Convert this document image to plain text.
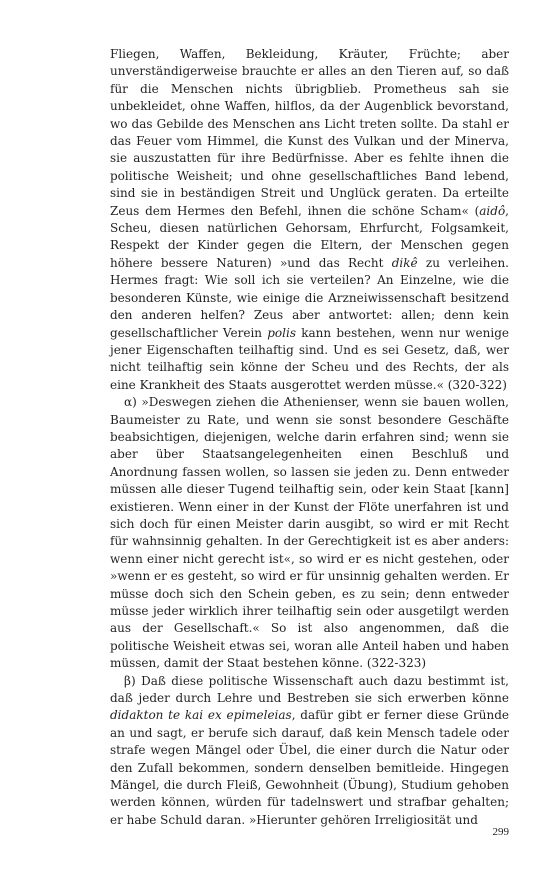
Fliegen, Waffen, Bekleidung, Kräuter, Früchte; aber unverständigerweise brauchte er alles an den Tieren auf, so daß für die Menschen nichts übrigblieb. Prometheus sah sie unbekleidet, ohne Waffen, hilflos, da der Augenblick bevorstand, wo das Gebilde des Menschen ans Licht treten sollte. Da stahl er das Feuer vom Himmel, die Kunst des Vulkan und der Minerva, sie auszustatten für ihre Bedürfnisse. Aber es fehlte ihnen die politische Weisheit; und ohne gesellschaftliches Band lebend, sind sie in beständigen Streit und Unglück geraten. Da erteilte Zeus dem Hermes den Befehl, ihnen die schöne Scham« (aidô, Scheu, diesen natürlichen Gehorsam, Ehrfurcht, Folgsamkeit, Respekt der Kinder gegen die Eltern, der Menschen gegen höhere bessere Naturen) »und das Recht dikê zu verleihen. Hermes fragt: Wie soll ich sie verteilen? An Einzelne, wie die besonderen Künste, wie einige die Arzneiwissenschaft besitzend den anderen helfen? Zeus aber antwortet: allen; denn kein gesellschaftlicher Verein polis kann bestehen, wenn nur wenige jener Eigenschaften teilhaftig sind. Und es sei Gesetz, daß, wer nicht teilhaftig sein könne der Scheu und des Rechts, der als eine Krankheit des Staats ausgerottet werden müsse.« (320-322)

α) »Deswegen ziehen die Athenienser, wenn sie bauen wollen, Baumeister zu Rate, und wenn sie sonst besondere Geschäfte beabsichtigen, diejenigen, welche darin erfahren sind; wenn sie aber über Staatsangelegenheiten einen Beschluß und Anordnung fassen wollen, so lassen sie jeden zu. Denn entweder müssen alle dieser Tugend teilhaftig sein, oder kein Staat [kann] existieren. Wenn einer in der Kunst der Flöte unerfahren ist und sich doch für einen Meister darin ausgibt, so wird er mit Recht für wahnsinnig gehalten. In der Gerechtigkeit ist es aber anders: wenn einer nicht gerecht ist«, so wird er es nicht gestehen, oder »wenn er es gesteht, so wird er für unsinnig gehalten werden. Er müsse doch sich den Schein geben, es zu sein; denn entweder müsse jeder wirklich ihrer teilhaftig sein oder ausgetilgt werden aus der Gesellschaft.« So ist also angenommen, daß die politische Weisheit etwas sei, woran alle Anteil haben und haben müssen, damit der Staat bestehen könne. (322-323)

β) Daß diese politische Wissenschaft auch dazu bestimmt ist, daß jeder durch Lehre und Bestreben sie sich erwerben könne didakton te kai ex epimeleias, dafür gibt er ferner diese Gründe an und sagt, er berufe sich darauf, daß kein Mensch tadele oder strafe wegen Mängel oder Übel, die einer durch die Natur oder den Zufall bekommen, sondern denselben bemitleide. Hingegen Mängel, die durch Fleiß, Gewohnheit (Übung), Studium gehoben werden können, würden für tadelnswert und strafbar gehalten; er habe Schuld daran. »Hierunter gehören Irreligiosität und

299
